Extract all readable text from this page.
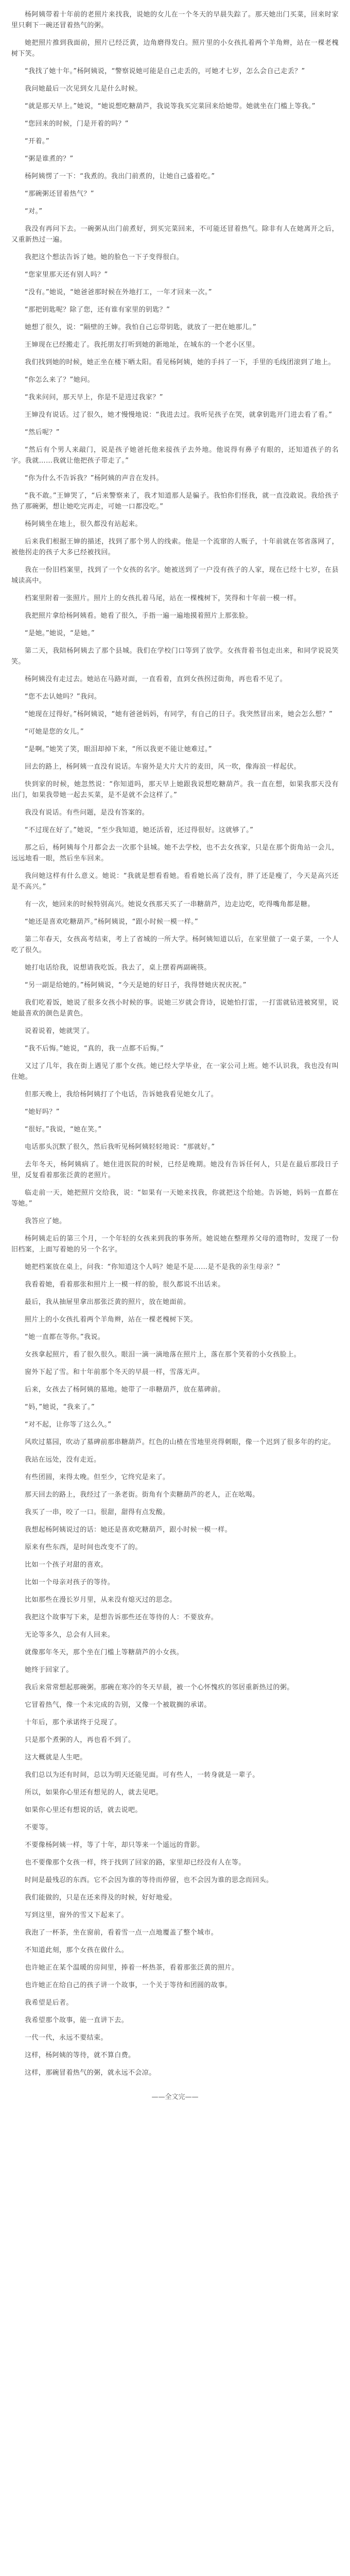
杨阿姨带着十年前的老照片来找我，说她的女儿在一个冬天的早晨失踪了。那天她出门买菜，回来时家里只剩下一碗还冒着热气的粥。

她把照片推到我面前，照片已经泛黄，边角磨得发白。照片里的小女孩扎着两个羊角辫，站在一棵老槐树下笑。

“我找了她十年。”杨阿姨说，“警察说她可能是自己走丢的，可她才七岁，怎么会自己走丢？”

我问她最后一次见到女儿是什么时候。

“就是那天早上。”她说，“她说想吃糖葫芦，我说等我买完菜回来给她带。她就坐在门槛上等我。”

“您回来的时候，门是开着的吗？”

“开着。”

“粥是谁煮的？”

杨阿姨愣了一下：“我煮的。我出门前煮的，让她自己盛着吃。”

“那碗粥还冒着热气？”

“对。”

我没有再问下去。一碗粥从出门前煮好，到买完菜回来，不可能还冒着热气。除非有人在她离开之后，又重新热过一遍。

我把这个想法告诉了她。她的脸色一下子变得很白。

“您家里那天还有别人吗？”

“没有。”她说，“她爸爸那时候在外地打工，一年才回来一次。”

“那把钥匙呢？除了您，还有谁有家里的钥匙？”

她想了很久，说：“隔壁的王婶。我怕自己忘带钥匙，就放了一把在她那儿。”

王婶现在已经搬走了。我托朋友打听到她的新地址，在城东的一个老小区里。

我们找到她的时候，她正坐在楼下晒太阳。看见杨阿姨，她的手抖了一下，手里的毛线团滚到了地上。

“你怎么来了？”她问。

“我来问问，那天早上，你是不是进过我家？”

王婶没有说话。过了很久，她才慢慢地说：“我进去过。我听见孩子在哭，就拿钥匙开门进去看了看。”

“然后呢？”

“然后有个男人来敲门，说是孩子她爸托他来接孩子去外地。他说得有鼻子有眼的，还知道孩子的名字。我就……我就让他把孩子带走了。”

“你为什么不告诉我？”杨阿姨的声音在发抖。

“我不敢。”王婶哭了，“后来警察来了，我才知道那人是骗子。我怕你们怪我，就一直没敢说。我给孩子热了那碗粥，想让她吃完再走，可她一口都没吃。”

杨阿姨坐在地上，很久都没有站起来。

后来我们根据王婶的描述，找到了那个男人的线索。他是一个流窜的人贩子，十年前就在邻省落网了，被他拐走的孩子大多已经被找回。

我在一份旧档案里，找到了一个女孩的名字。她被送到了一户没有孩子的人家，现在已经十七岁，在县城读高中。

档案里附着一张照片。照片上的女孩扎着马尾，站在一棵槐树下，笑得和十年前一模一样。

我把照片拿给杨阿姨看。她看了很久，手指一遍一遍地摸着照片上那张脸。

“是她。”她说，“是她。”

第二天，我陪杨阿姨去了那个县城。我们在学校门口等到了放学。女孩背着书包走出来，和同学说说笑笑。

杨阿姨没有走过去。她站在马路对面，一直看着，直到女孩拐过街角，再也看不见了。

“您不去认她吗？”我问。

“她现在过得好。”杨阿姨说，“她有爸爸妈妈，有同学，有自己的日子。我突然冒出来，她会怎么想？”

“可她是您的女儿。”

“是啊。”她笑了笑，眼泪却掉下来，“所以我更不能让她难过。”

回去的路上，杨阿姨一直没有说话。车窗外是大片大片的麦田，风一吹，像海浪一样起伏。

快到家的时候，她忽然说：“你知道吗，那天早上她跟我说想吃糖葫芦。我一直在想，如果我那天没有出门，如果我带她一起去买菜，是不是就不会这样了。”

我没有说话。有些问题，是没有答案的。

“不过现在好了。”她说，“至少我知道，她还活着，还过得很好。这就够了。”

那之后，杨阿姨每个月都会去一次那个县城。她不去学校，也不去女孩家，只是在那个街角站一会儿，远远地看一眼，然后坐车回来。

我问她这样有什么意义。她说：“我就是想看看她。看看她长高了没有，胖了还是瘦了，今天是高兴还是不高兴。”

有一次，她回来的时候特别高兴。她说女孩那天买了一串糖葫芦，边走边吃，吃得嘴角都是糖。

“她还是喜欢吃糖葫芦。”杨阿姨说，“跟小时候一模一样。”

第二年春天，女孩高考结束，考上了省城的一所大学。杨阿姨知道以后，在家里做了一桌子菜，一个人吃了很久。

她打电话给我，说想请我吃饭。我去了，桌上摆着两副碗筷。

“另一副是给她的。”杨阿姨说，“今天是她的好日子，我得替她庆祝庆祝。”

我们吃着饭，她说了很多女孩小时候的事。说她三岁就会背诗，说她怕打雷，一打雷就钻进被窝里，说她最喜欢的颜色是黄色。

说着说着，她就哭了。

“我不后悔。”她说，“真的，我一点都不后悔。”

又过了几年，我在街上遇见了那个女孩。她已经大学毕业，在一家公司上班。她不认识我，我也没有叫住她。

但那天晚上，我给杨阿姨打了个电话，告诉她我看见她女儿了。

“她好吗？”

“很好。”我说，“她在笑。”

电话那头沉默了很久，然后我听见杨阿姨轻轻地说：“那就好。”

去年冬天，杨阿姨病了。她住进医院的时候，已经是晚期。她没有告诉任何人，只是在最后那段日子里，反复看着那张泛黄的老照片。

临走前一天，她把照片交给我，说：“如果有一天她来找我，你就把这个给她。告诉她，妈妈一直都在等她。”

我答应了她。

杨阿姨走后的第三个月，一个年轻的女孩来到我的事务所。她说她在整理养父母的遗物时，发现了一份旧档案，上面写着她的另一个名字。

她把档案放在桌上，问我：“你知道这个人吗？她是不是……是不是我的亲生母亲？”

我看着她，看着那张和照片上一模一样的脸，很久都说不出话来。

最后，我从抽屉里拿出那张泛黄的照片，放在她面前。

照片上的小女孩扎着两个羊角辫，站在一棵老槐树下笑。

“她一直都在等你。”我说。

女孩拿起照片，看了很久很久。眼泪一滴一滴地落在照片上，落在那个笑着的小女孩脸上。

窗外下起了雪。和十年前那个冬天的早晨一样，雪落无声。

后来，女孩去了杨阿姨的墓地。她带了一串糖葫芦，放在墓碑前。

“妈，”她说，“我来了。”

“对不起，让你等了这么久。”

风吹过墓园，吹动了墓碑前那串糖葫芦。红色的山楂在雪地里亮得刺眼，像一个迟到了很多年的约定。

我站在远处，没有走近。

有些团圆，来得太晚。但至少，它终究是来了。

那天回去的路上，我经过了一条老街。街角有个卖糖葫芦的老人，正在吆喝。

我买了一串，咬了一口。很甜，甜得有点发酸。

我想起杨阿姨说过的话：她还是喜欢吃糖葫芦，跟小时候一模一样。

原来有些东西，是时间也改变不了的。

比如一个孩子对甜的喜欢。

比如一个母亲对孩子的等待。

比如那些在漫长岁月里，从来没有熄灭过的思念。

我把这个故事写下来，是想告诉那些还在等待的人：不要放弃。

无论等多久，总会有人回来。

就像那年冬天，那个坐在门槛上等糖葫芦的小女孩。

她终于回家了。

我后来常常想起那碗粥。那碗在寒冷的冬天早晨，被一个心怀愧疚的邻居重新热过的粥。

它冒着热气，像一个未完成的告别，又像一个被耽搁的承诺。

十年后，那个承诺终于兑现了。

只是那个煮粥的人，再也看不到了。

这大概就是人生吧。

我们总以为还有时间，总以为明天还能见面。可有些人，一转身就是一辈子。

所以，如果你心里还有想见的人，就去见吧。

如果你心里还有想说的话，就去说吧。

不要等。

不要像杨阿姨一样，等了十年，却只等来一个遥远的背影。

也不要像那个女孩一样，终于找到了回家的路，家里却已经没有人在等。

时间是最残忍的东西。它不会因为谁的等待而停留，也不会因为谁的思念而回头。

我们能做的，只是在还来得及的时候，好好地爱。

写到这里，窗外的雪又下起来了。

我泡了一杯茶，坐在窗前，看着雪一点一点地覆盖了整个城市。

不知道此刻，那个女孩在做什么。

也许她正在某个温暖的房间里，捧着一杯热茶，看着那张泛黄的照片。

也许她正在给自己的孩子讲一个故事，一个关于等待和团圆的故事。

我希望是后者。

我希望那个故事，能一直讲下去。

一代一代，永远不要结束。

这样，杨阿姨的等待，就不算白费。

这样，那碗冒着热气的粥，就永远不会凉。

——全文完——
